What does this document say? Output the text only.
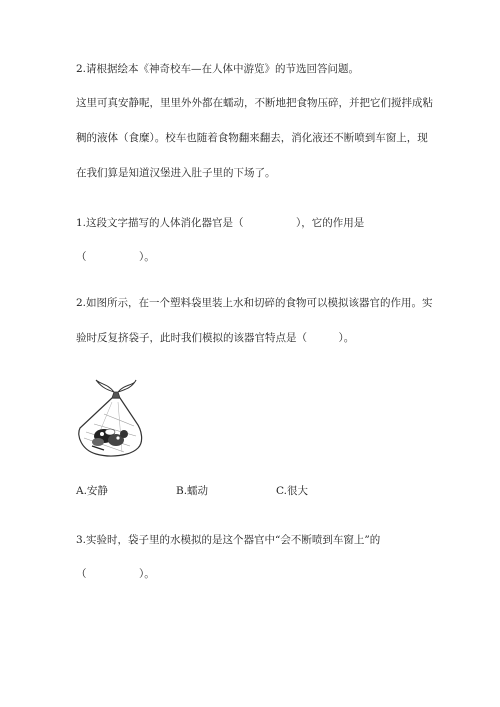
2.请根据绘本《神奇校车—在人体中游览》的节选回答问题。
这里可真安静呢，里里外外都在蠕动，不断地把食物压碎，并把它们搅拌成粘
稠的液体（食糜）。校车也随着食物翻来翻去，消化液还不断喷到车窗上，现
在我们算是知道汉堡进入肚子里的下场了。
1.这段文字描写的人体消化器官是（　　　　　），它的作用是
（　　　　　）。
2.如图所示，在一个塑料袋里装上水和切碎的食物可以模拟该器官的作用。实
验时反复挤袋子，此时我们模拟的该器官特点是（　　　）。
A.安静	B.蠕动	C.很大
3.实验时，袋子里的水模拟的是这个器官中“会不断喷到车窗上”的
（　　　　　）。
